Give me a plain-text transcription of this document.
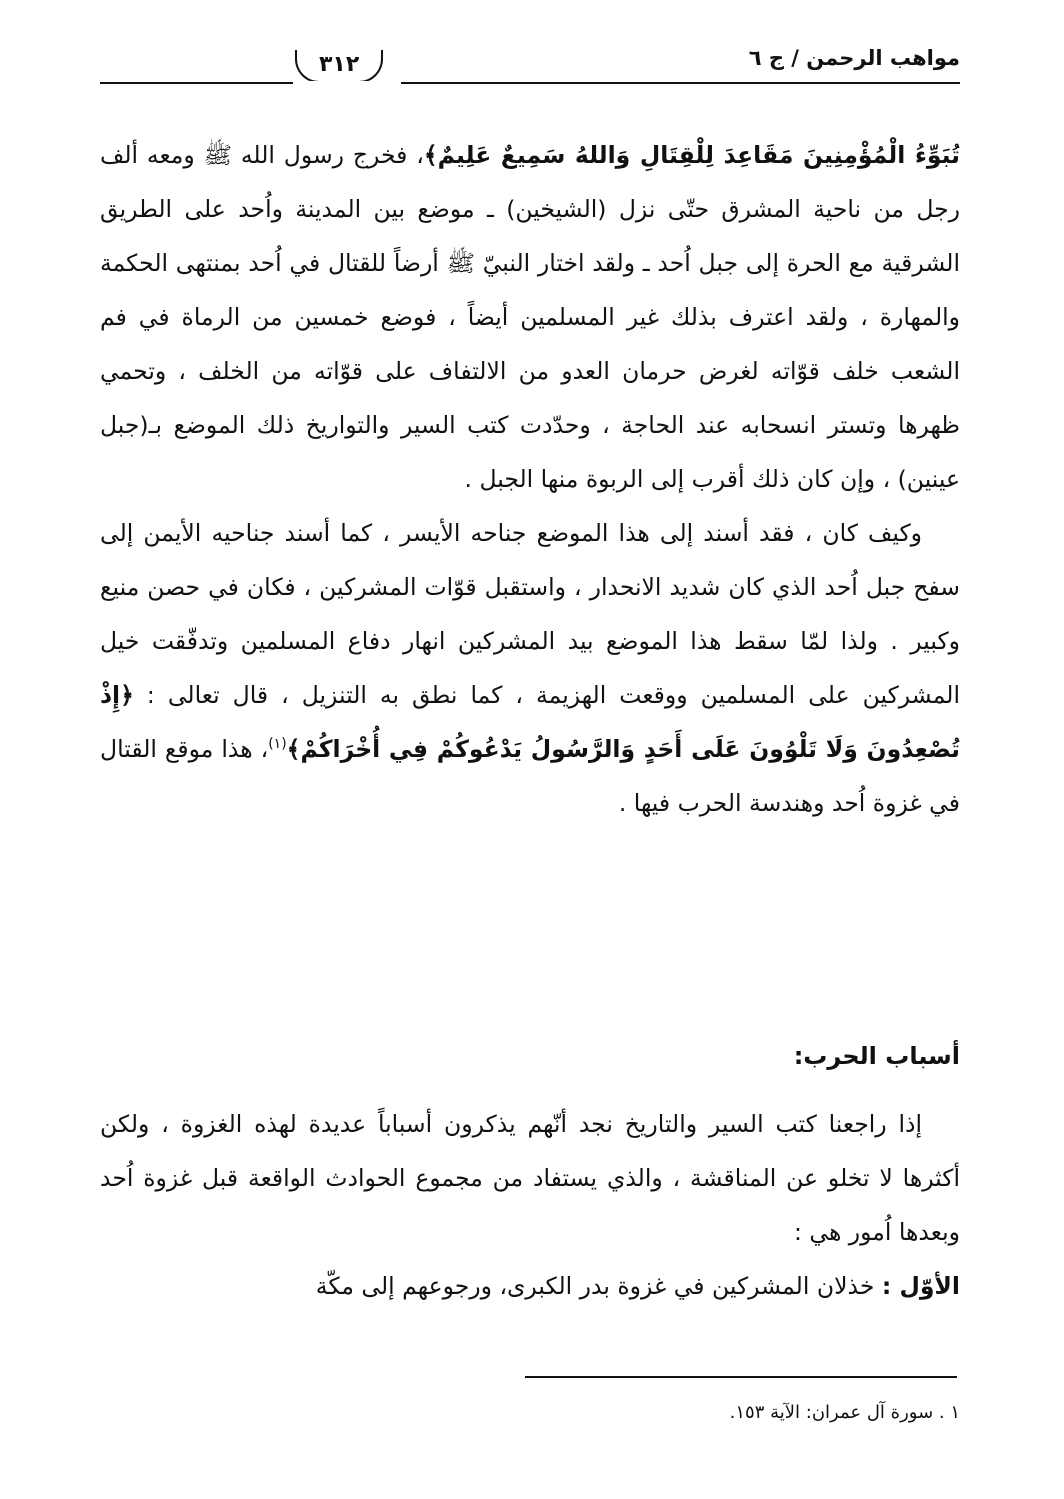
مواهب الرحمن / ج ٦
٣١٢

تُبَوِّءُ الْمُؤْمِنِينَ مَقَاعِدَ لِلْقِتَالِ وَاللهُ سَمِيعٌ عَلِيمٌ﴾، فخرج رسول الله ﷺ ومعه ألف رجل من ناحية المشرق حتّى نزل (الشيخين) ـ موضع بين المدينة واُحد على الطريق الشرقية مع الحرة إلى جبل اُحد ـ ولقد اختار النبيّ ﷺ أرضاً للقتال في اُحد بمنتهى الحكمة والمهارة ، ولقد اعترف بذلك غير المسلمين أيضاً ، فوضع خمسين من الرماة في فم الشعب خلف قوّاته لغرض حرمان العدو من الالتفاف على قوّاته من الخلف ، وتحمي ظهرها وتستر انسحابه عند الحاجة ، وحدّدت كتب السير والتواريخ ذلك الموضع بـ(جبل عينين) ، وإن كان ذلك أقرب إلى الربوة منها الجبل .

وكيف كان ، فقد أسند إلى هذا الموضع جناحه الأيسر ، كما أسند جناحيه الأيمن إلى سفح جبل اُحد الذي كان شديد الانحدار ، واستقبل قوّات المشركين ، فكان في حصن منيع وكبير . ولذا لمّا سقط هذا الموضع بيد المشركين انهار دفاع المسلمين وتدفّقت خيل المشركين على المسلمين ووقعت الهزيمة ، كما نطق به التنزيل ، قال تعالى : ﴿إِذْ تُصْعِدُونَ وَلَا تَلْوُونَ عَلَى أَحَدٍ وَالرَّسُولُ يَدْعُوكُمْ فِي أُخْرَاكُمْ﴾$^{(١)}$، هذا موقع القتال في غزوة اُحد وهندسة الحرب فيها .

أسباب الحرب:

إذا راجعنا كتب السير والتاريخ نجد أنّهم يذكرون أسباباً عديدة لهذه الغزوة ، ولكن أكثرها لا تخلو عن المناقشة ، والذي يستفاد من مجموع الحوادث الواقعة قبل غزوة اُحد وبعدها اُمور هي :

الأوّل : خذلان المشركين في غزوة بدر الكبرى، ورجوعهم إلى مكّة

١ . سورة آل عمران: الآية ١٥٣.
